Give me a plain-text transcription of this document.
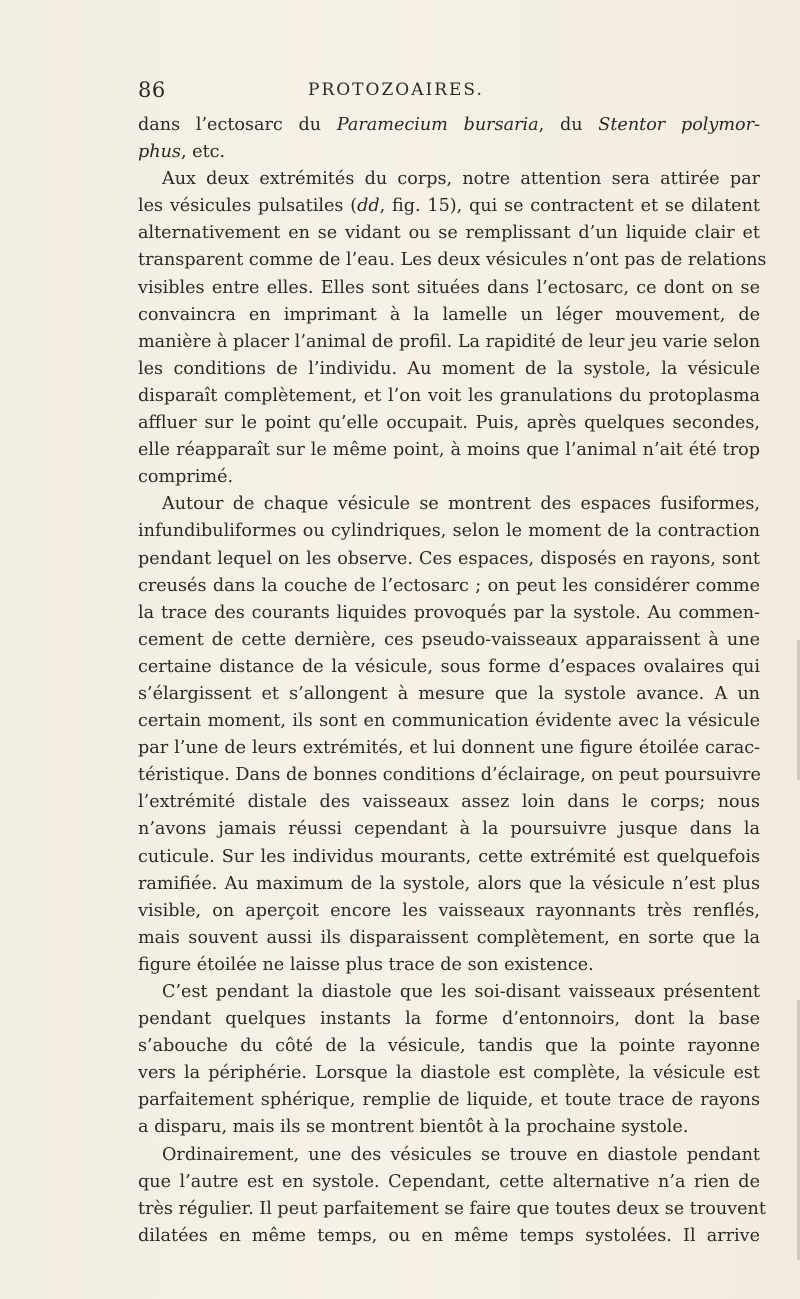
86	PROTOZOAIRES.
dans l’ectosarc du Paramecium bursaria, du Stentor polymor-
phus, etc.
Aux deux extrémités du corps, notre attention sera attirée par
les vésicules pulsatiles (dd, fig. 15), qui se contractent et se dilatent
alternativement en se vidant ou se remplissant d’un liquide clair et
transparent comme de l’eau. Les deux vésicules n’ont pas de relations
visibles entre elles. Elles sont situées dans l’ectosarc, ce dont on se
convaincra en imprimant à la lamelle un léger mouvement, de
manière à placer l’animal de profil. La rapidité de leur jeu varie selon
les conditions de l’individu. Au moment de la systole, la vésicule
disparaît complètement, et l’on voit les granulations du protoplasma
affluer sur le point qu’elle occupait. Puis, après quelques secondes,
elle réapparaît sur le même point, à moins que l’animal n’ait été trop
comprimé.
Autour de chaque vésicule se montrent des espaces fusiformes,
infundibuliformes ou cylindriques, selon le moment de la contraction
pendant lequel on les observe. Ces espaces, disposés en rayons, sont
creusés dans la couche de l’ectosarc ; on peut les considérer comme
la trace des courants liquides provoqués par la systole. Au commen-
cement de cette dernière, ces pseudo-vaisseaux apparaissent à une
certaine distance de la vésicule, sous forme d’espaces ovalaires qui
s’élargissent et s’allongent à mesure que la systole avance. A un
certain moment, ils sont en communication évidente avec la vésicule
par l’une de leurs extrémités, et lui donnent une figure étoilée carac-
téristique. Dans de bonnes conditions d’éclairage, on peut poursuivre
l’extrémité distale des vaisseaux assez loin dans le corps; nous
n’avons jamais réussi cependant à la poursuivre jusque dans la
cuticule. Sur les individus mourants, cette extrémité est quelquefois
ramifiée. Au maximum de la systole, alors que la vésicule n’est plus
visible, on aperçoit encore les vaisseaux rayonnants très renflés,
mais souvent aussi ils disparaissent complètement, en sorte que la
figure étoilée ne laisse plus trace de son existence.
C’est pendant la diastole que les soi-disant vaisseaux présentent
pendant quelques instants la forme d’entonnoirs, dont la base
s’abouche du côté de la vésicule, tandis que la pointe rayonne
vers la périphérie. Lorsque la diastole est complète, la vésicule est
parfaitement sphérique, remplie de liquide, et toute trace de rayons
a disparu, mais ils se montrent bientôt à la prochaine systole.
Ordinairement, une des vésicules se trouve en diastole pendant
que l’autre est en systole. Cependant, cette alternative n’a rien de
très régulier. Il peut parfaitement se faire que toutes deux se trouvent
dilatées en même temps, ou en même temps systolées. Il arrive
